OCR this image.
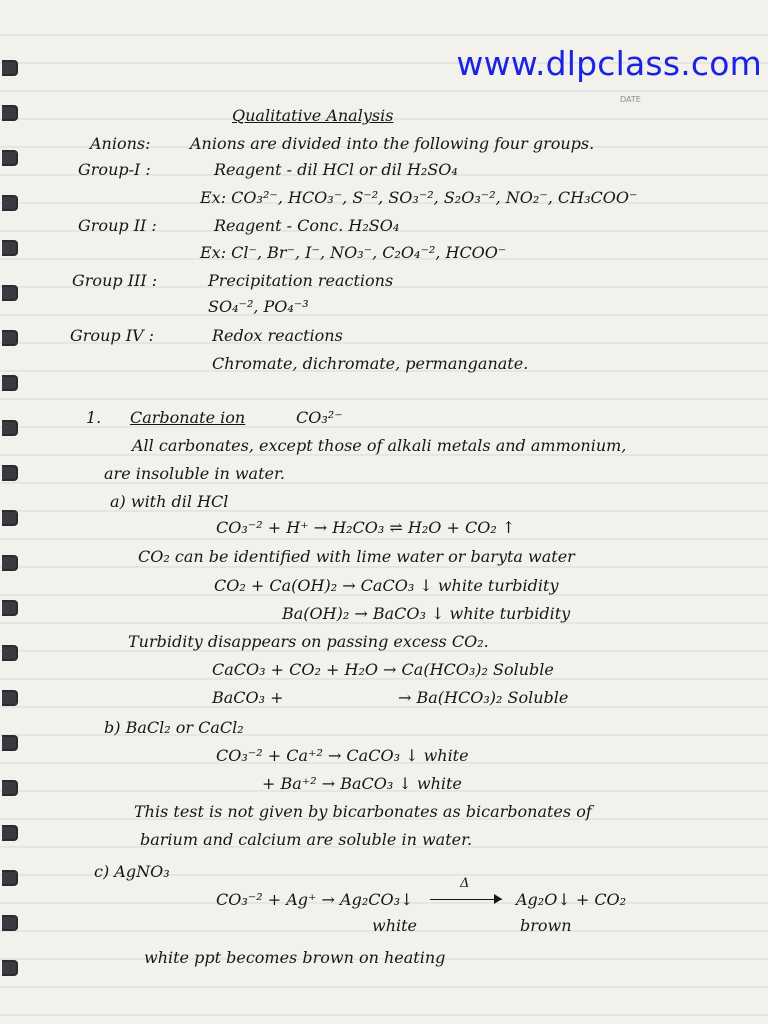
www.dlpclass.com
DATE
Qualitative Analysis
Anions: Anions are divided into the following four groups.
Group-I :	Reagent - dil HCl or dil H₂SO₄
Ex: CO₃²⁻, HCO₃⁻, S⁻², SO₃⁻², S₂O₃⁻², NO₂⁻, CH₃COO⁻
Group II :	Reagent - Conc. H₂SO₄
Ex: Cl⁻, Br⁻, I⁻, NO₃⁻, C₂O₄⁻², HCOO⁻
Group III :	Precipitation reactions
SO₄⁻², PO₄⁻³
Group IV :	Redox reactions
Chromate, dichromate, permanganate.
1. Carbonate ion	CO₃²⁻
All carbonates, except those of alkali metals and ammonium,
are insoluble in water.
a) with dil HCl
CO₃⁻² + H⁺ → H₂CO₃ ⇌ H₂O + CO₂ ↑
CO₂ can be identified with lime water or baryta water
CO₂ + Ca(OH)₂ → CaCO₃ ↓ white turbidity
Ba(OH)₂ → BaCO₃ ↓ white turbidity
Turbidity disappears on passing excess CO₂.
CaCO₃ + CO₂ + H₂O → Ca(HCO₃)₂ Soluble
BaCO₃ +	→ Ba(HCO₃)₂ Soluble
b) BaCl₂ or CaCl₂
CO₃⁻² + Ca⁺² → CaCO₃ ↓ white
+ Ba⁺² → BaCO₃ ↓ white
This test is not given by bicarbonates as bicarbonates of
barium and calcium are soluble in water.
c) AgNO₃
CO₃⁻² + Ag⁺ → Ag₂CO₃↓
Δ
Ag₂O↓ + CO₂
white	brown
white ppt becomes brown on heating
